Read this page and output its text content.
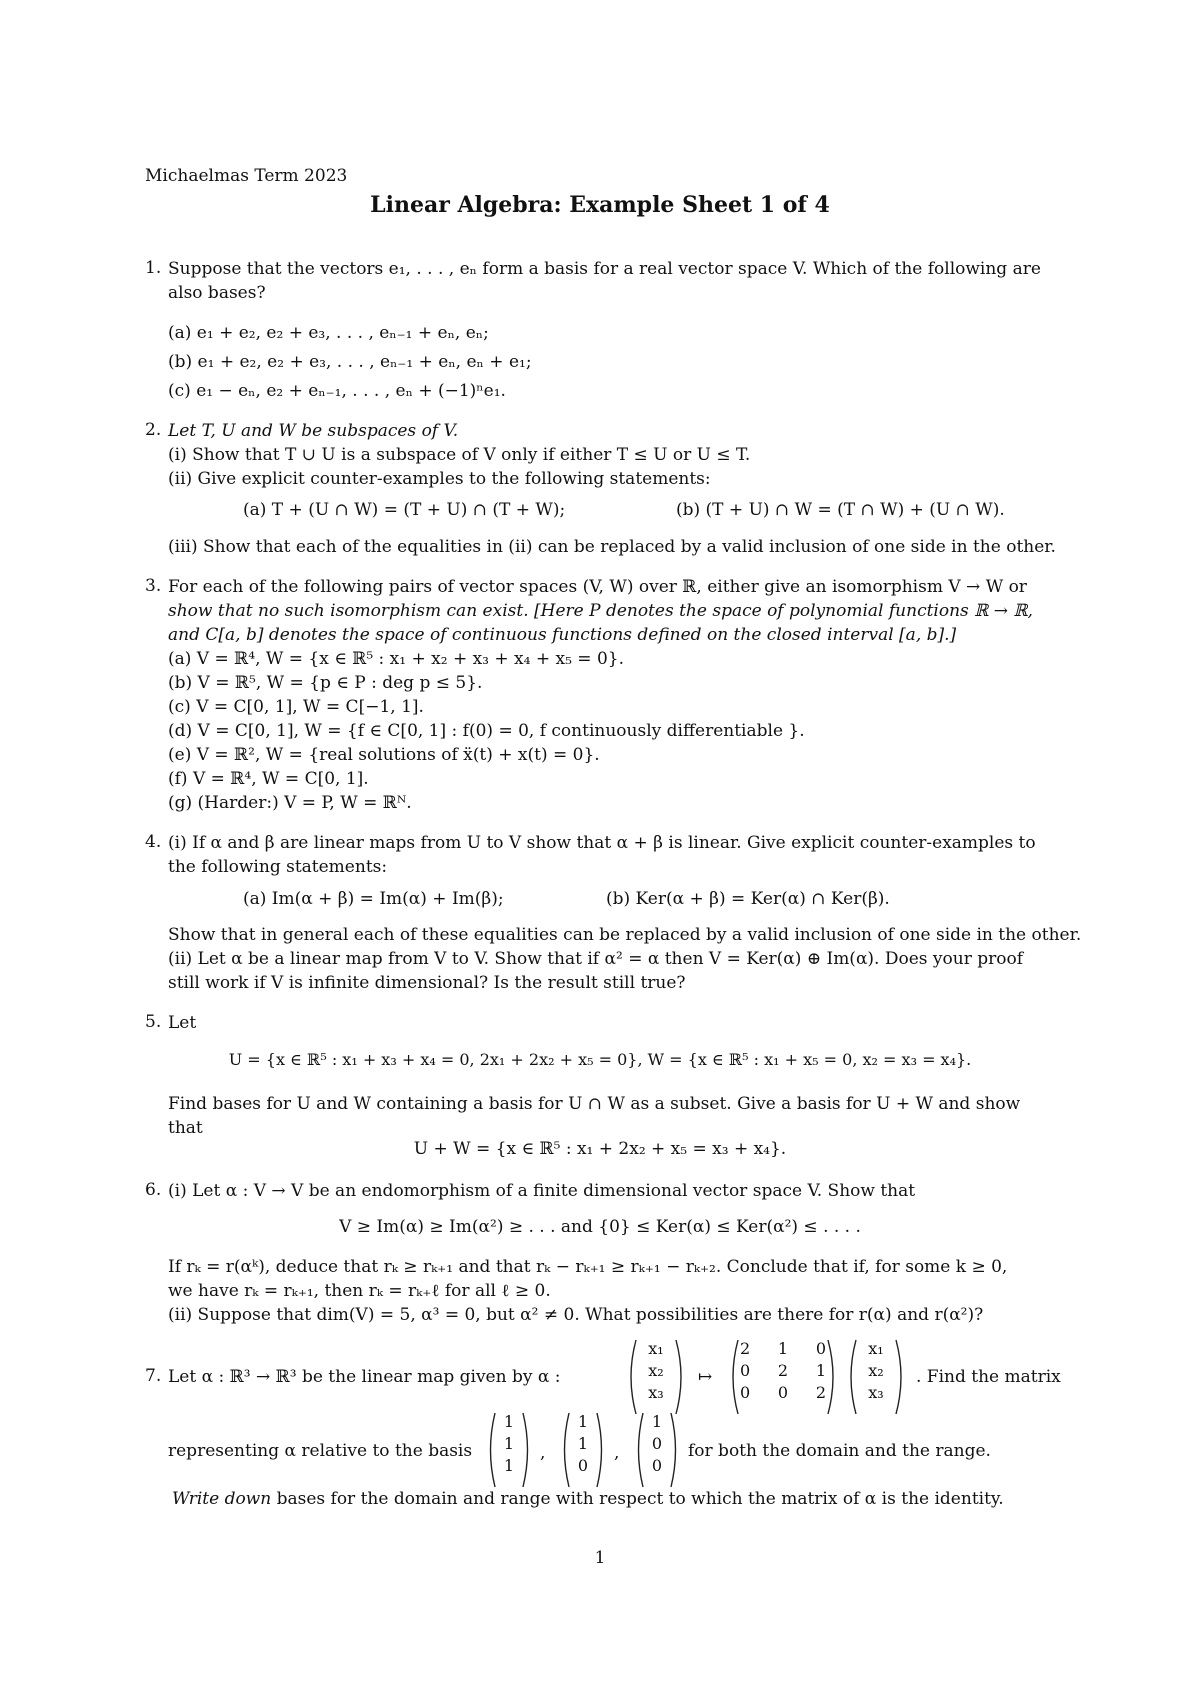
Michaelmas Term 2023
Linear Algebra: Example Sheet 1 of 4
1. Suppose that the vectors e₁, . . . , eₙ form a basis for a real vector space V. Which of the following are
also bases?
(a) e₁ + e₂, e₂ + e₃, . . . , eₙ₋₁ + eₙ, eₙ;
(b) e₁ + e₂, e₂ + e₃, . . . , eₙ₋₁ + eₙ, eₙ + e₁;
(c) e₁ − eₙ, e₂ + eₙ₋₁, . . . , eₙ + (−1)ⁿe₁.
2. Let T, U and W be subspaces of V.
(i) Show that T ∪ U is a subspace of V only if either T ≤ U or U ≤ T.
(ii) Give explicit counter-examples to the following statements:
(a) T + (U ∩ W) = (T + U) ∩ (T + W);	(b) (T + U) ∩ W = (T ∩ W) + (U ∩ W).
(iii) Show that each of the equalities in (ii) can be replaced by a valid inclusion of one side in the other.
3. For each of the following pairs of vector spaces (V, W) over ℝ, either give an isomorphism V → W or
show that no such isomorphism can exist. [Here P denotes the space of polynomial functions ℝ → ℝ,
and C[a, b] denotes the space of continuous functions defined on the closed interval [a, b].]
(a) V = ℝ⁴, W = {x ∈ ℝ⁵ : x₁ + x₂ + x₃ + x₄ + x₅ = 0}.
(b) V = ℝ⁵, W = {p ∈ P : deg p ≤ 5}.
(c) V = C[0, 1], W = C[−1, 1].
(d) V = C[0, 1], W = {f ∈ C[0, 1] : f(0) = 0, f continuously differentiable }.
(e) V = ℝ², W = {real solutions of ẍ(t) + x(t) = 0}.
(f) V = ℝ⁴, W = C[0, 1].
(g) (Harder:) V = P, W = ℝᴺ.
4. (i) If α and β are linear maps from U to V show that α + β is linear. Give explicit counter-examples to
the following statements:
(a) Im(α + β) = Im(α) + Im(β);	(b) Ker(α + β) = Ker(α) ∩ Ker(β).
Show that in general each of these equalities can be replaced by a valid inclusion of one side in the other.
(ii) Let α be a linear map from V to V. Show that if α² = α then V = Ker(α) ⊕ Im(α). Does your proof
still work if V is infinite dimensional? Is the result still true?
5. Let
U = {x ∈ ℝ⁵ : x₁ + x₃ + x₄ = 0, 2x₁ + 2x₂ + x₅ = 0}, W = {x ∈ ℝ⁵ : x₁ + x₅ = 0, x₂ = x₃ = x₄}.
Find bases for U and W containing a basis for U ∩ W as a subset. Give a basis for U + W and show
that
U + W = {x ∈ ℝ⁵ : x₁ + 2x₂ + x₅ = x₃ + x₄}.
6. (i) Let α : V → V be an endomorphism of a finite dimensional vector space V. Show that
V ≥ Im(α) ≥ Im(α²) ≥ . . . and {0} ≤ Ker(α) ≤ Ker(α²) ≤ . . . .
If rₖ = r(αᵏ), deduce that rₖ ≥ rₖ₊₁ and that rₖ − rₖ₊₁ ≥ rₖ₊₁ − rₖ₊₂. Conclude that if, for some k ≥ 0,
we have rₖ = rₖ₊₁, then rₖ = rₖ₊ℓ for all ℓ ≥ 0.
(ii) Suppose that dim(V) = 5, α³ = 0, but α² ≠ 0. What possibilities are there for r(α) and r(α²)?
7. Let α : ℝ³ → ℝ³ be the linear map given by α :
x₁
x₂
x₃
↦
2 1 0
0 2 1
0 0 2
x₁
x₂
x₃
. Find the matrix
representing α relative to the basis
1
1
1
,
1
1
0
,
1
0
0
for both the domain and the range.
Write down bases for the domain and range with respect to which the matrix of α is the identity.
1
